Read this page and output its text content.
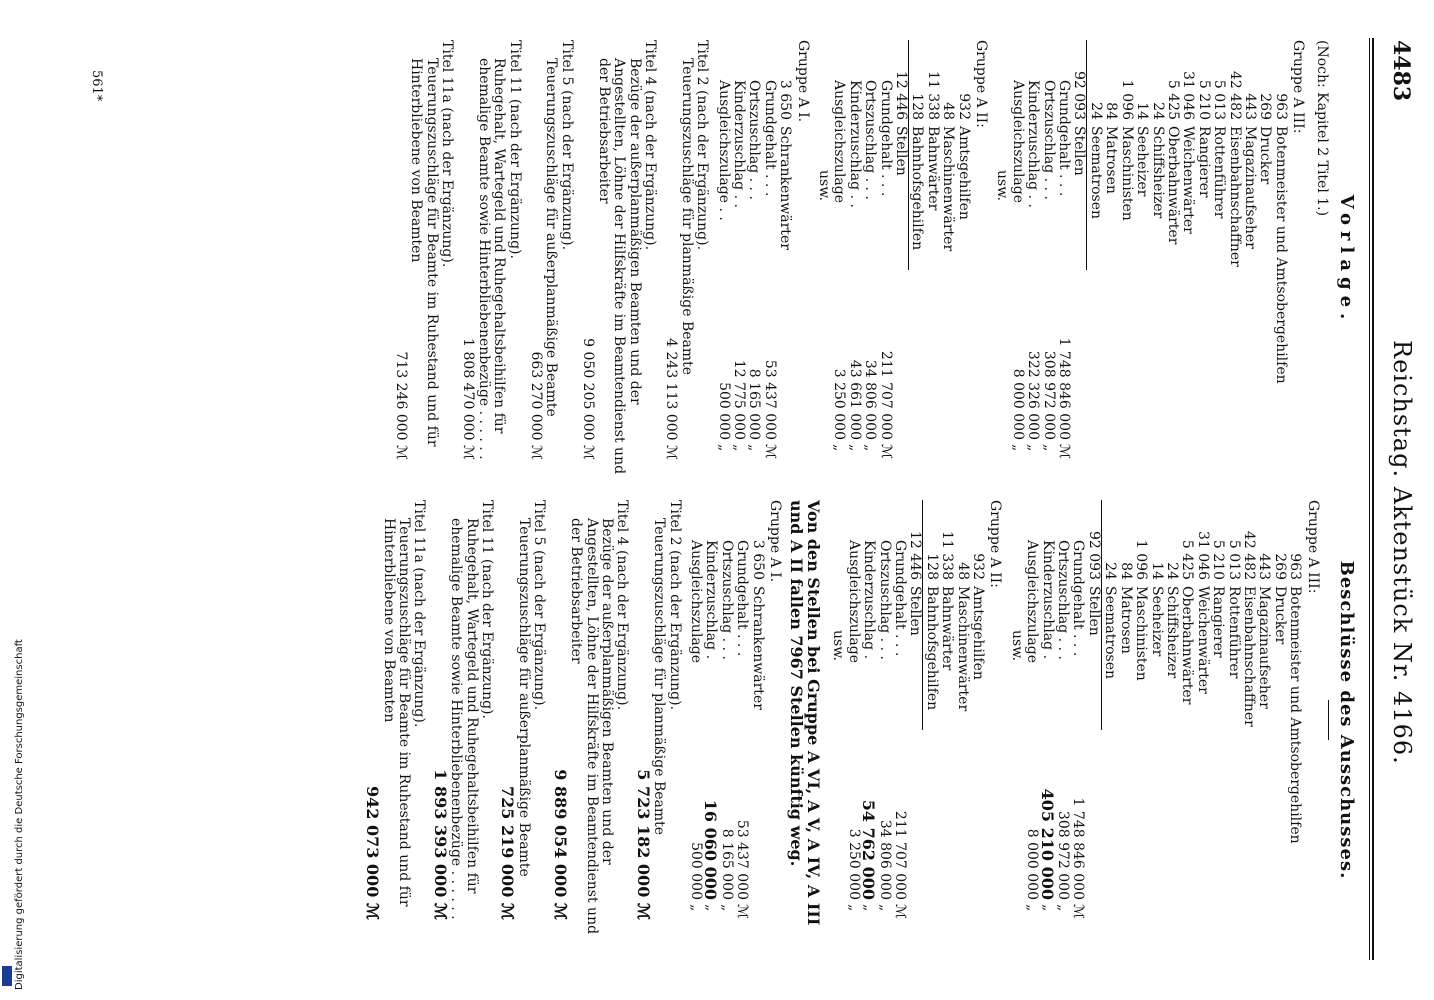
Digitalisierung gefördert durch die Deutsche Forschungsgemeinschaft
4483
Reichstag. Aktenstück Nr. 4166.
Vorlage.
(Noch: Kapitel 2 Titel 1.)
Gruppe A III:
963
Botenmeister und Amtsobergehilfen
269
Drucker
443
Magazinaufseher
42 482
Eisenbahnschaffner
5 013
Rottenführer
5 210
Rangierer
31 046
Weichenwärter
5 425
Oberbahnwärter
24
Schiffsheizer
14
Seeheizer
1 096
Maschinisten
84
Matrosen
24
Seematrosen
92 093
Stellen
Grundgehalt . . .
1 748 846 000
ℳ
Ortszuschlag . . .
308 972 000
„
Kinderzuschlag . .
322 326 000
„
Ausgleichszulage
8 000 000
„
usw.
Gruppe A II:
932
Amtsgehilfen
48
Maschinenwärter
11 338
Bahnwärter
128
Bahnhofsgehilfen
12 446
Stellen
Grundgehalt . . .
211 707 000
ℳ
Ortszuschlag . . .
34 806 000
„
Kinderzuschlag . .
43 661 000
„
Ausgleichszulage
3 250 000
„
usw.
Gruppe A I.
3 650
Schrankenwärter
Grundgehalt . . .
53 437 000
ℳ
Ortszuschlag . . .
8 165 000
„
Kinderzuschlag . .
12 775 000
„
Ausgleichszulage . .
500 000
„
Titel 2 (nach der Ergänzung).
Teuerungszuschläge für planmäßige Beamte
4 243 113 000 ℳ
Titel 4 (nach der Ergänzung).
Bezüge der außerplanmäßigen Beamten und der Angestellten, Löhne der Hilfskräfte im Beamtendienst und der Betriebsarbeiter
9 050 205 000 ℳ
Titel 5 (nach der Ergänzung).
Teuerungszuschläge für außerplanmäßige Beamte
663 270 000 ℳ
Titel 11 (nach der Ergänzung).
Ruhegehalt, Wartegeld und Ruhegehaltsbeihilfen für ehemalige Beamte sowie Hinterbliebenenbezüge . . . . . .
1 808 470 000 ℳ
Titel 11a (nach der Ergänzung).
Teuerungszuschläge für Beamte im Ruhestand und für Hinterbliebene von Beamten
713 246 000 ℳ
Beschlüsse des Ausschusses.
Gruppe A III:
963
Botenmeister und Amtsobergehilfen
269
Drucker
443
Magazinaufseher
42 482
Eisenbahnschaffner
5 013
Rottenführer
5 210
Rangierer
31 046
Weichenwärter
5 425
Oberbahnwärter
24
Schiffsheizer
14
Seeheizer
1 096
Maschinisten
84
Matrosen
24
Seematrosen
92 093
Stellen
Grundgehalt . . .
1 748 846 000
ℳ
Ortszuschlag . . .
308 972 000
„
Kinderzuschlag .
405 210 000
„
Ausgleichszulage
8 000 000
„
usw.
Gruppe A II:
932
Amtsgehilfen
48
Maschinenwärter
11 338
Bahnwärter
128
Bahnhofsgehilfen
12 446
Stellen
Grundgehalt . . .
211 707 000
ℳ
Ortszuschlag . . .
34 806 000
„
Kinderzuschlag .
54 762 000
„
Ausgleichszulage
3 250 000
„
usw.
Von den Stellen bei Gruppe A VI, A V, A IV, A III und A II fallen 7967 Stellen künftig weg.
Gruppe A I.
3 650
Schrankenwärter
Grundgehalt . . .
53 437 000
ℳ
Ortszuschlag . . .
8 165 000
„
Kinderzuschlag .
16 060 000
„
Ausgleichszulage
500 000
„
Titel 2 (nach der Ergänzung).
Teuerungszuschläge für planmäßige Beamte
5 723 182 000 ℳ
Titel 4 (nach der Ergänzung).
Bezüge der außerplanmäßigen Beamten und der Angestellten, Löhne der Hilfskräfte im Beamtendienst und der Betriebsarbeiter
9 889 054 000 ℳ
Titel 5 (nach der Ergänzung).
Teuerungszuschläge für außerplanmäßige Beamte
725 219 000 ℳ
Titel 11 (nach der Ergänzung).
Ruhegehalt, Wartegeld und Ruhegehaltsbeihilfen für ehemalige Beamte sowie Hinterbliebenenbezüge . . . . . .
1 893 393 000 ℳ
Titel 11a (nach der Ergänzung).
Teuerungszuschläge für Beamte im Ruhestand und für Hinterbliebene von Beamten
942 073 000 ℳ
561*
